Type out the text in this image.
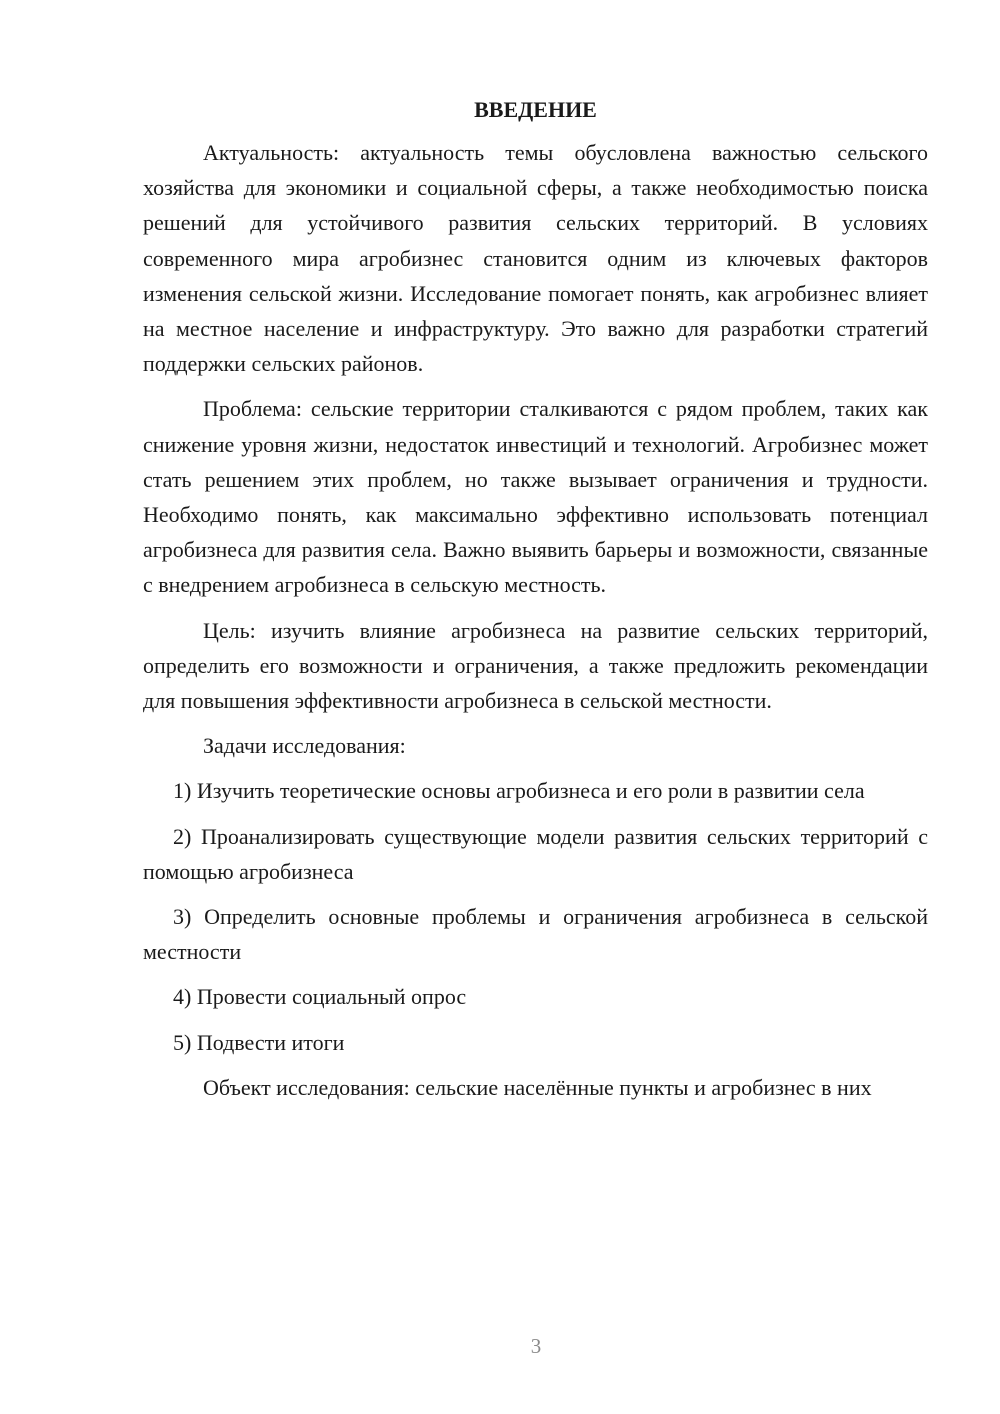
ВВЕДЕНИЕ

Актуальность: актуальность темы обусловлена важностью сельского хозяйства для экономики и социальной сферы, а также необходимостью поиска решений для устойчивого развития сельских территорий. В условиях современного мира агробизнес становится одним из ключевых факторов изменения сельской жизни. Исследование помогает понять, как агробизнес влияет на местное население и инфраструктуру. Это важно для разработки стратегий поддержки сельских районов.

Проблема: сельские территории сталкиваются с рядом проблем, таких как снижение уровня жизни, недостаток инвестиций и технологий. Агробизнес может стать решением этих проблем, но также вызывает ограничения и трудности. Необходимо понять, как максимально эффективно использовать потенциал агробизнеса для развития села. Важно выявить барьеры и возможности, связанные с внедрением агробизнеса в сельскую местность.

Цель: изучить влияние агробизнеса на развитие сельских территорий, определить его возможности и ограничения, а также предложить рекомендации для повышения эффективности агробизнеса в сельской местности.

Задачи исследования:

1) Изучить теоретические основы агробизнеса и его роли в развитии села

2) Проанализировать существующие модели развития сельских территорий с помощью агробизнеса

3) Определить основные проблемы и ограничения агробизнеса в сельской местности

4) Провести социальный опрос

5) Подвести итоги

Объект исследования: сельские населённые пункты и агробизнес в них

3
